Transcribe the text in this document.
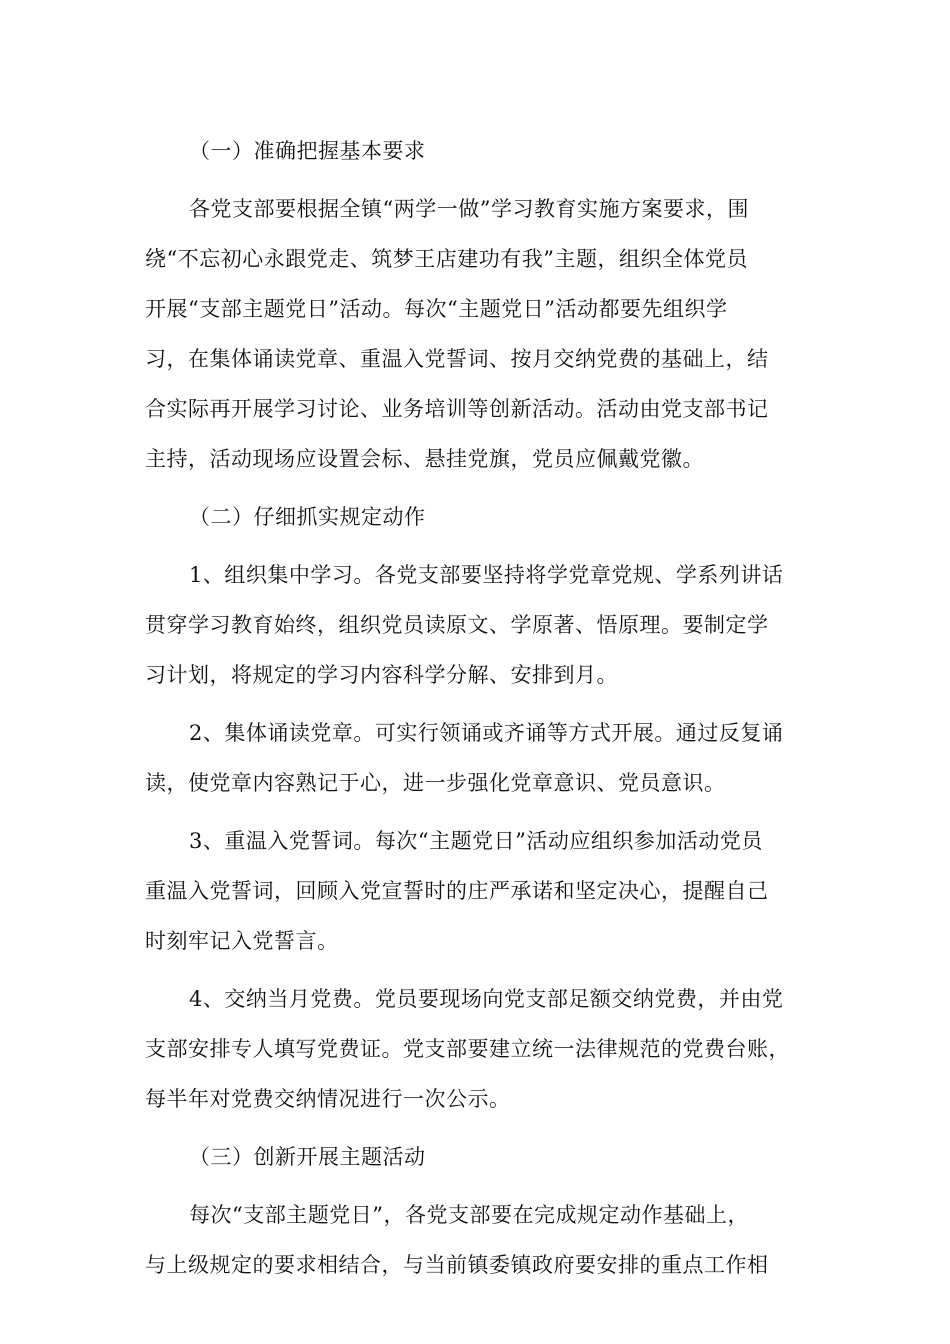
（一）准确把握基本要求
各党支部要根据全镇“两学一做”学习教育实施方案要求，围
绕“不忘初心永跟党走、筑梦王店建功有我”主题，组织全体党员
开展“支部主题党日”活动。每次“主题党日”活动都要先组织学
习，在集体诵读党章、重温入党誓词、按月交纳党费的基础上，结
合实际再开展学习讨论、业务培训等创新活动。活动由党支部书记
主持，活动现场应设置会标、悬挂党旗，党员应佩戴党徽。
（二）仔细抓实规定动作
1、组织集中学习。各党支部要坚持将学党章党规、学系列讲话
贯穿学习教育始终，组织党员读原文、学原著、悟原理。要制定学
习计划，将规定的学习内容科学分解、安排到月。
2、集体诵读党章。可实行领诵或齐诵等方式开展。通过反复诵
读，使党章内容熟记于心，进一步强化党章意识、党员意识。
3、重温入党誓词。每次“主题党日”活动应组织参加活动党员
重温入党誓词，回顾入党宣誓时的庄严承诺和坚定决心，提醒自己
时刻牢记入党誓言。
4、交纳当月党费。党员要现场向党支部足额交纳党费，并由党
支部安排专人填写党费证。党支部要建立统一法律规范的党费台账，
每半年对党费交纳情况进行一次公示。
（三）创新开展主题活动
每次“支部主题党日”，各党支部要在完成规定动作基础上，
与上级规定的要求相结合，与当前镇委镇政府要安排的重点工作相
